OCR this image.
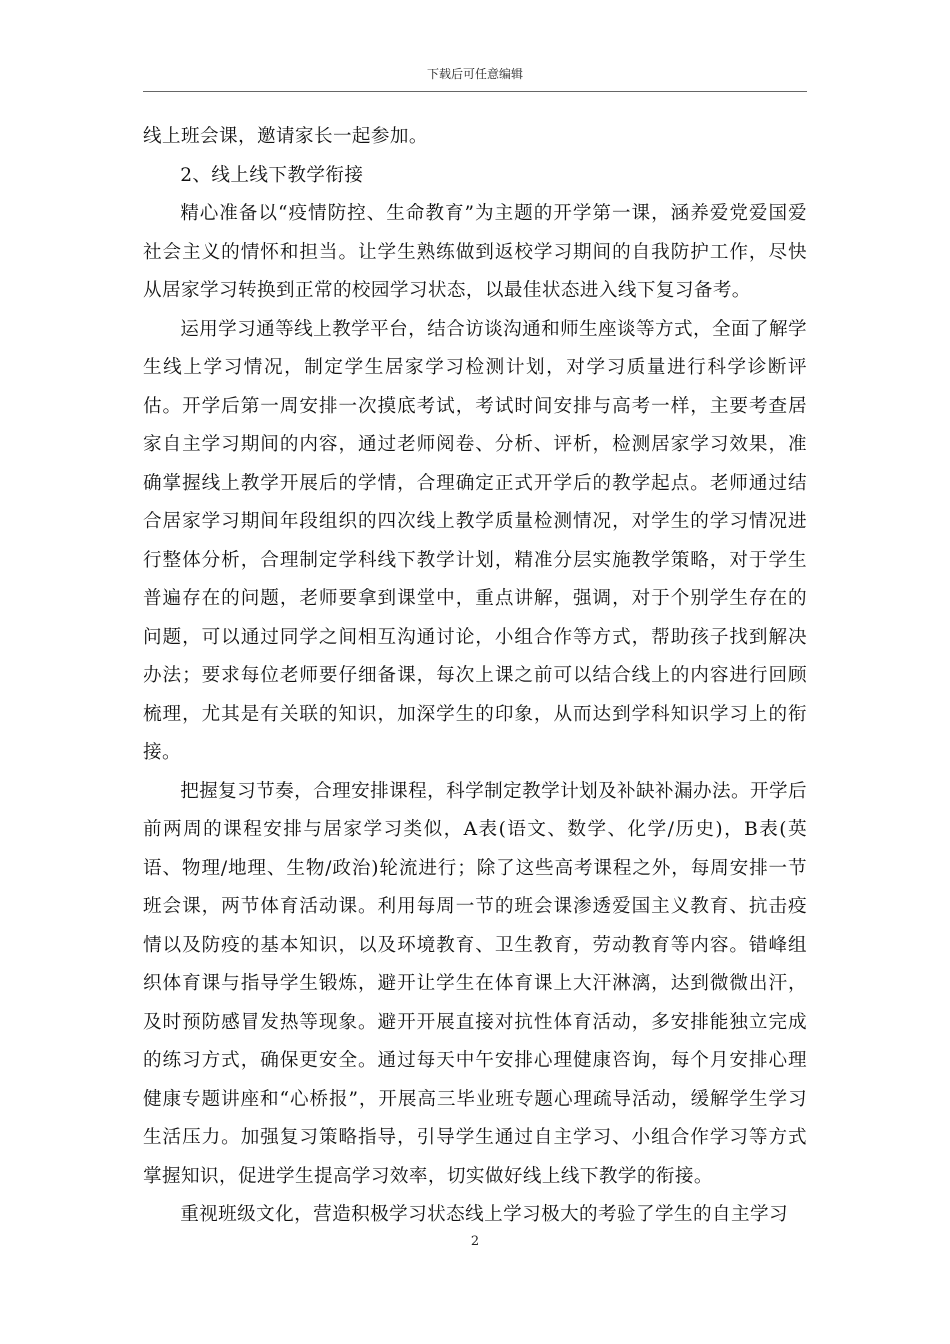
下载后可任意编辑

线上班会课，邀请家长一起参加。

2、线上线下教学衔接

精心准备以“疫情防控、生命教育”为主题的开学第一课，涵养爱党爱国爱社会主义的情怀和担当。让学生熟练做到返校学习期间的自我防护工作，尽快从居家学习转换到正常的校园学习状态，以最佳状态进入线下复习备考。

运用学习通等线上教学平台，结合访谈沟通和师生座谈等方式，全面了解学生线上学习情况，制定学生居家学习检测计划，对学习质量进行科学诊断评估。开学后第一周安排一次摸底考试，考试时间安排与高考一样，主要考查居家自主学习期间的内容，通过老师阅卷、分析、评析，检测居家学习效果，准确掌握线上教学开展后的学情，合理确定正式开学后的教学起点。老师通过结合居家学习期间年段组织的四次线上教学质量检测情况，对学生的学习情况进行整体分析，合理制定学科线下教学计划，精准分层实施教学策略，对于学生普遍存在的问题，老师要拿到课堂中，重点讲解，强调，对于个别学生存在的问题，可以通过同学之间相互沟通讨论，小组合作等方式，帮助孩子找到解决办法；要求每位老师要仔细备课，每次上课之前可以结合线上的内容进行回顾梳理，尤其是有关联的知识，加深学生的印象，从而达到学科知识学习上的衔接。

把握复习节奏，合理安排课程，科学制定教学计划及补缺补漏办法。开学后前两周的课程安排与居家学习类似，A表(语文、数学、化学/历史)，B表(英语、物理/地理、生物/政治)轮流进行；除了这些高考课程之外，每周安排一节班会课，两节体育活动课。利用每周一节的班会课渗透爱国主义教育、抗击疫情以及防疫的基本知识，以及环境教育、卫生教育，劳动教育等内容。错峰组织体育课与指导学生锻炼，避开让学生在体育课上大汗淋漓，达到微微出汗，及时预防感冒发热等现象。避开开展直接对抗性体育活动，多安排能独立完成的练习方式，确保更安全。通过每天中午安排心理健康咨询，每个月安排心理健康专题讲座和“心桥报”，开展高三毕业班专题心理疏导活动，缓解学生学习生活压力。加强复习策略指导，引导学生通过自主学习、小组合作学习等方式掌握知识，促进学生提高学习效率，切实做好线上线下教学的衔接。

重视班级文化，营造积极学习状态线上学习极大的考验了学生的自主学习

2
